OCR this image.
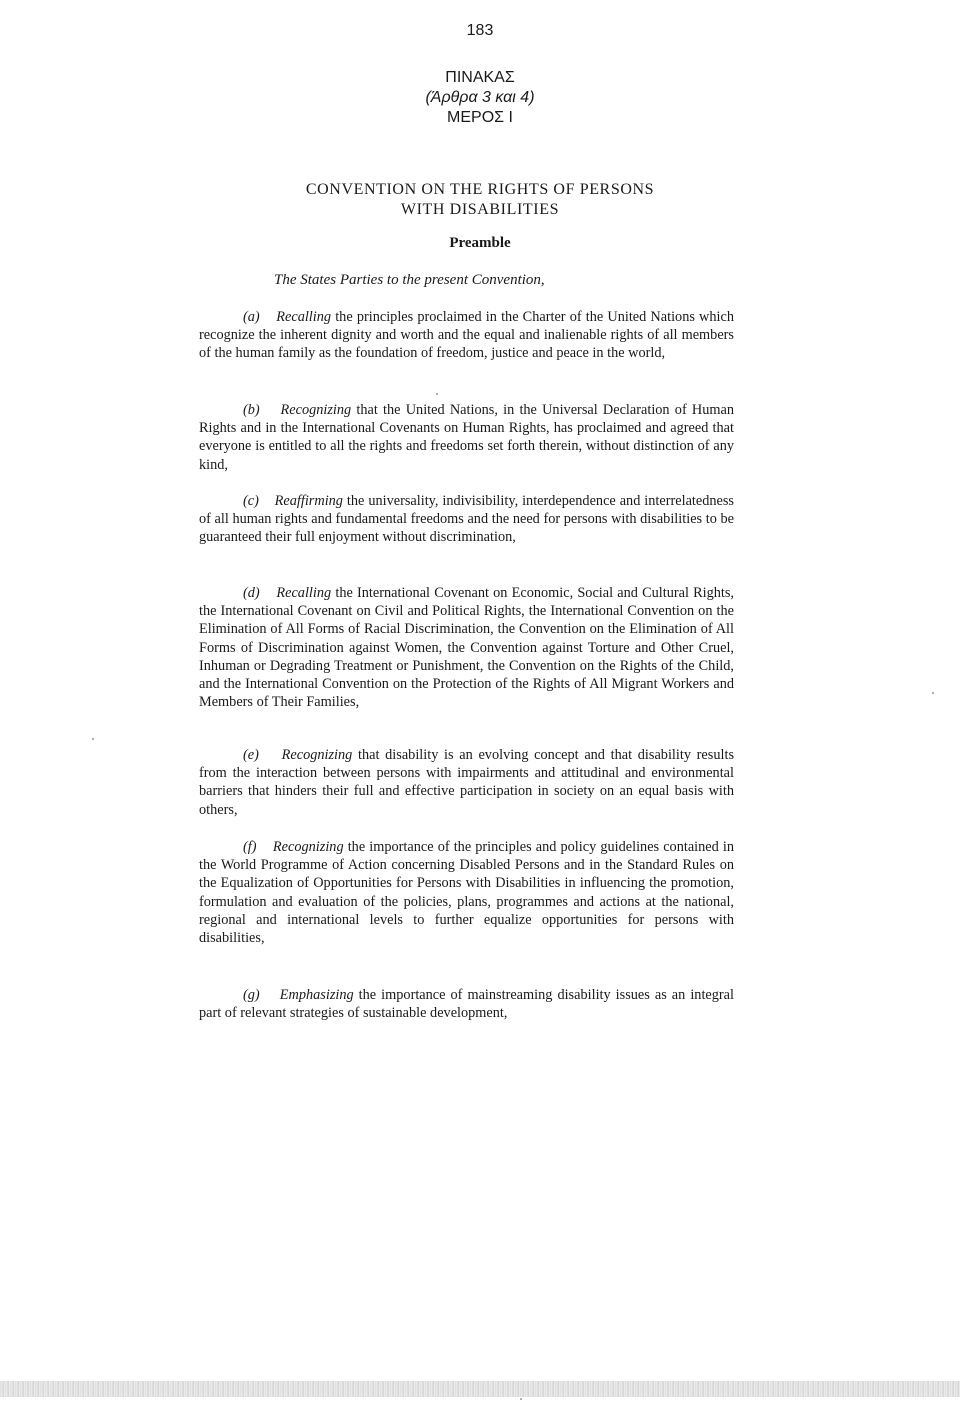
183
ΠΙΝΑΚΑΣ
(Άρθρα 3 και 4)
ΜΕΡΟΣ Ι
CONVENTION ON THE RIGHTS OF PERSONS
WITH DISABILITIES
Preamble
The States Parties to the present Convention,
(a) Recalling the principles proclaimed in the Charter of the United Nations which recognize the inherent dignity and worth and the equal and inalienable rights of all members of the human family as the foundation of freedom, justice and peace in the world,
(b) Recognizing that the United Nations, in the Universal Declaration of Human Rights and in the International Covenants on Human Rights, has proclaimed and agreed that everyone is entitled to all the rights and freedoms set forth therein, without distinction of any kind,
(c) Reaffirming the universality, indivisibility, interdependence and interrelatedness of all human rights and fundamental freedoms and the need for persons with disabilities to be guaranteed their full enjoyment without discrimination,
(d) Recalling the International Covenant on Economic, Social and Cultural Rights, the International Covenant on Civil and Political Rights, the International Convention on the Elimination of All Forms of Racial Discrimination, the Convention on the Elimination of All Forms of Discrimination against Women, the Convention against Torture and Other Cruel, Inhuman or Degrading Treatment or Punishment, the Convention on the Rights of the Child, and the International Convention on the Protection of the Rights of All Migrant Workers and Members of Their Families,
(e) Recognizing that disability is an evolving concept and that disability results from the interaction between persons with impairments and attitudinal and environmental barriers that hinders their full and effective participation in society on an equal basis with others,
(f) Recognizing the importance of the principles and policy guidelines contained in the World Programme of Action concerning Disabled Persons and in the Standard Rules on the Equalization of Opportunities for Persons with Disabilities in influencing the promotion, formulation and evaluation of the policies, plans, programmes and actions at the national, regional and international levels to further equalize opportunities for persons with disabilities,
(g) Emphasizing the importance of mainstreaming disability issues as an integral part of relevant strategies of sustainable development,
